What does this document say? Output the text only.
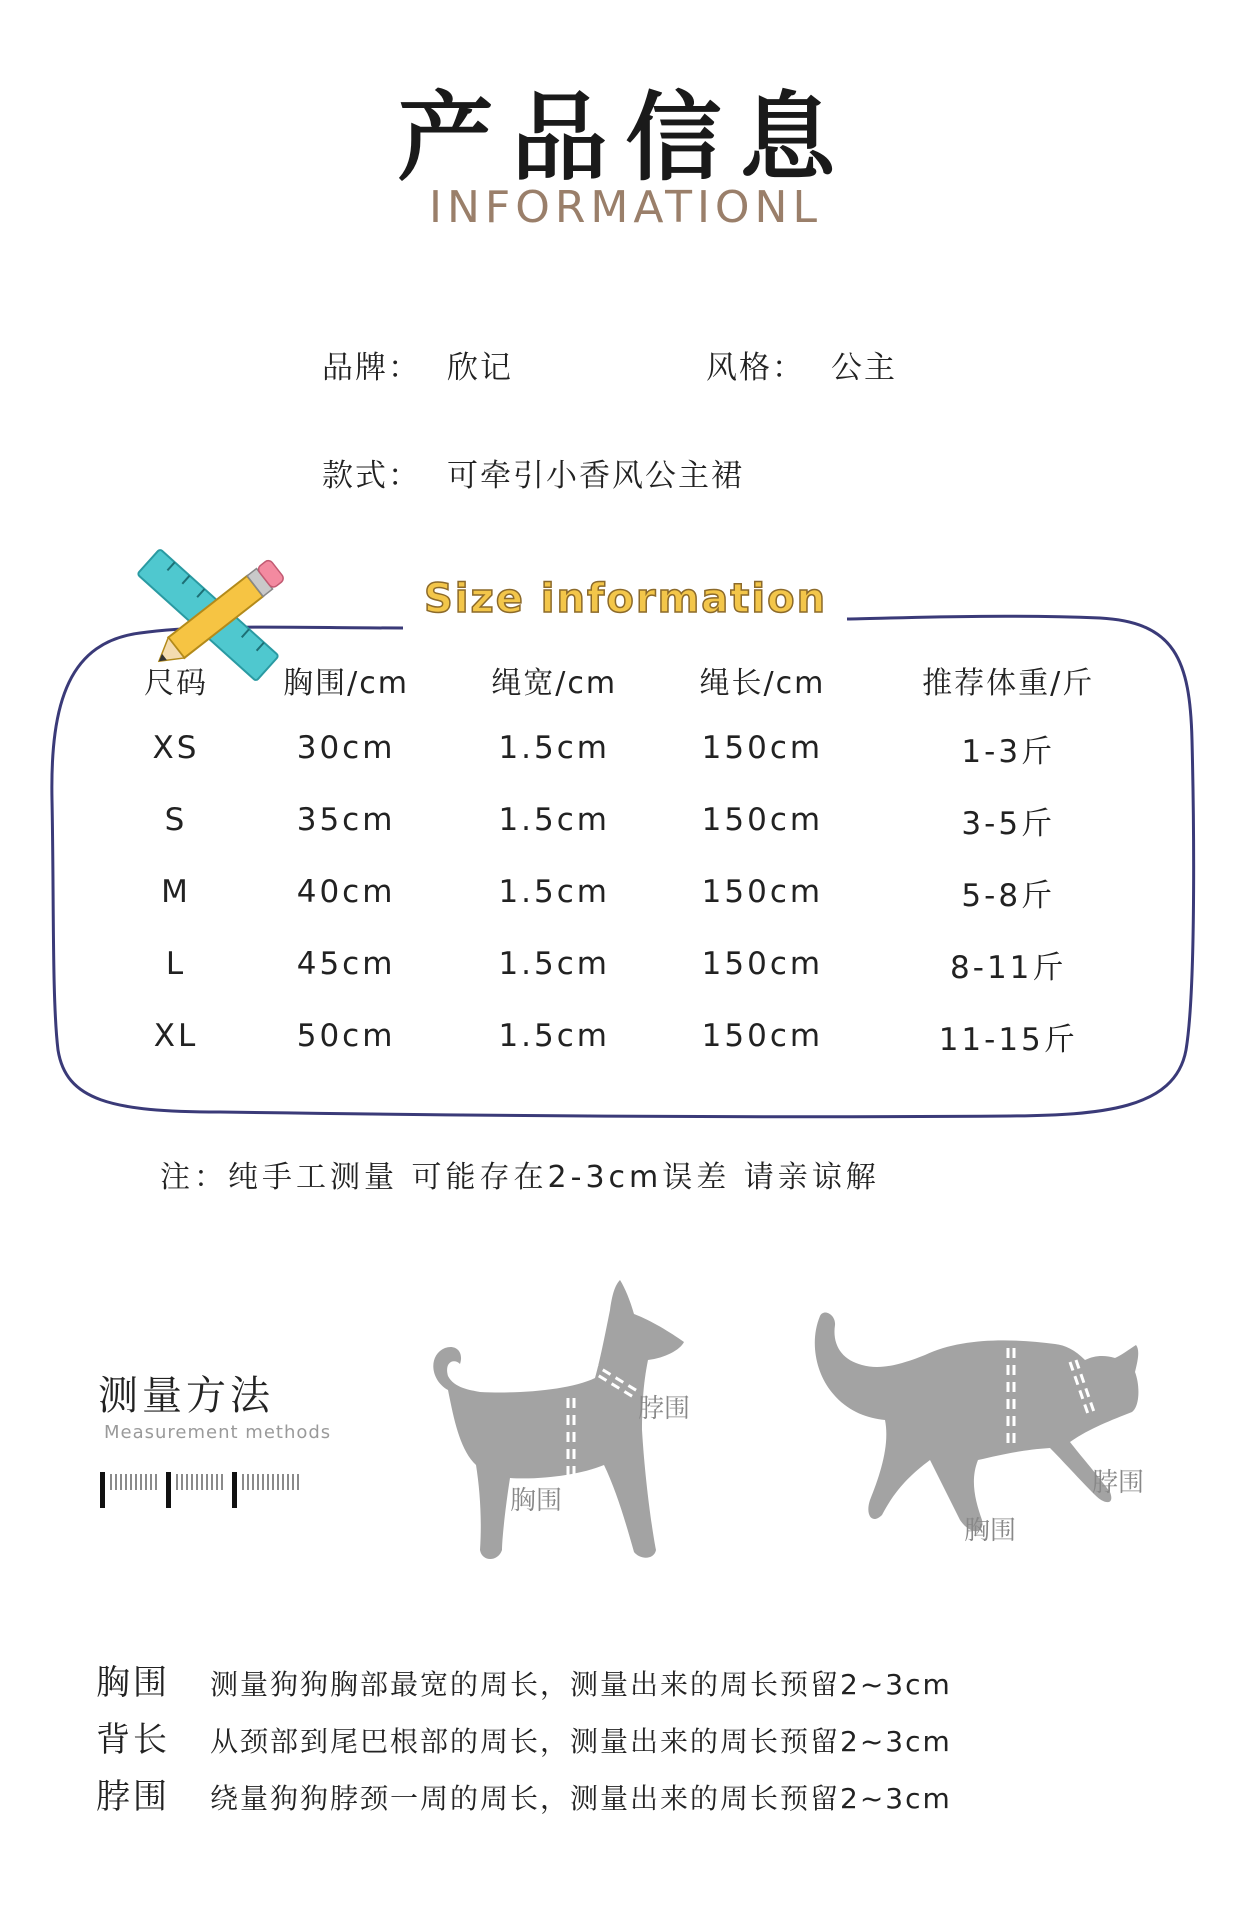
产品信息
INFORMATIONL
品牌： 欣记	风格： 公主
款式： 可牵引小香风公主裙
Size information
尺码	胸围/cm	绳宽/cm	绳长/cm	推荐体重/斤
XS	30cm	1.5cm	150cm	1-3斤
S	35cm	1.5cm	150cm	3-5斤
M	40cm	1.5cm	150cm	5-8斤
L	45cm	1.5cm	150cm	8-11斤
XL	50cm	1.5cm	150cm	11-15斤
注：纯手工测量 可能存在2-3cm误差 请亲谅解
测量方法
Measurement methods
脖围
胸围
脖围
胸围
胸围 测量狗狗胸部最宽的周长，测量出来的周长预留2~3cm
背长 从颈部到尾巴根部的周长，测量出来的周长预留2~3cm
脖围 绕量狗狗脖颈一周的周长，测量出来的周长预留2~3cm
